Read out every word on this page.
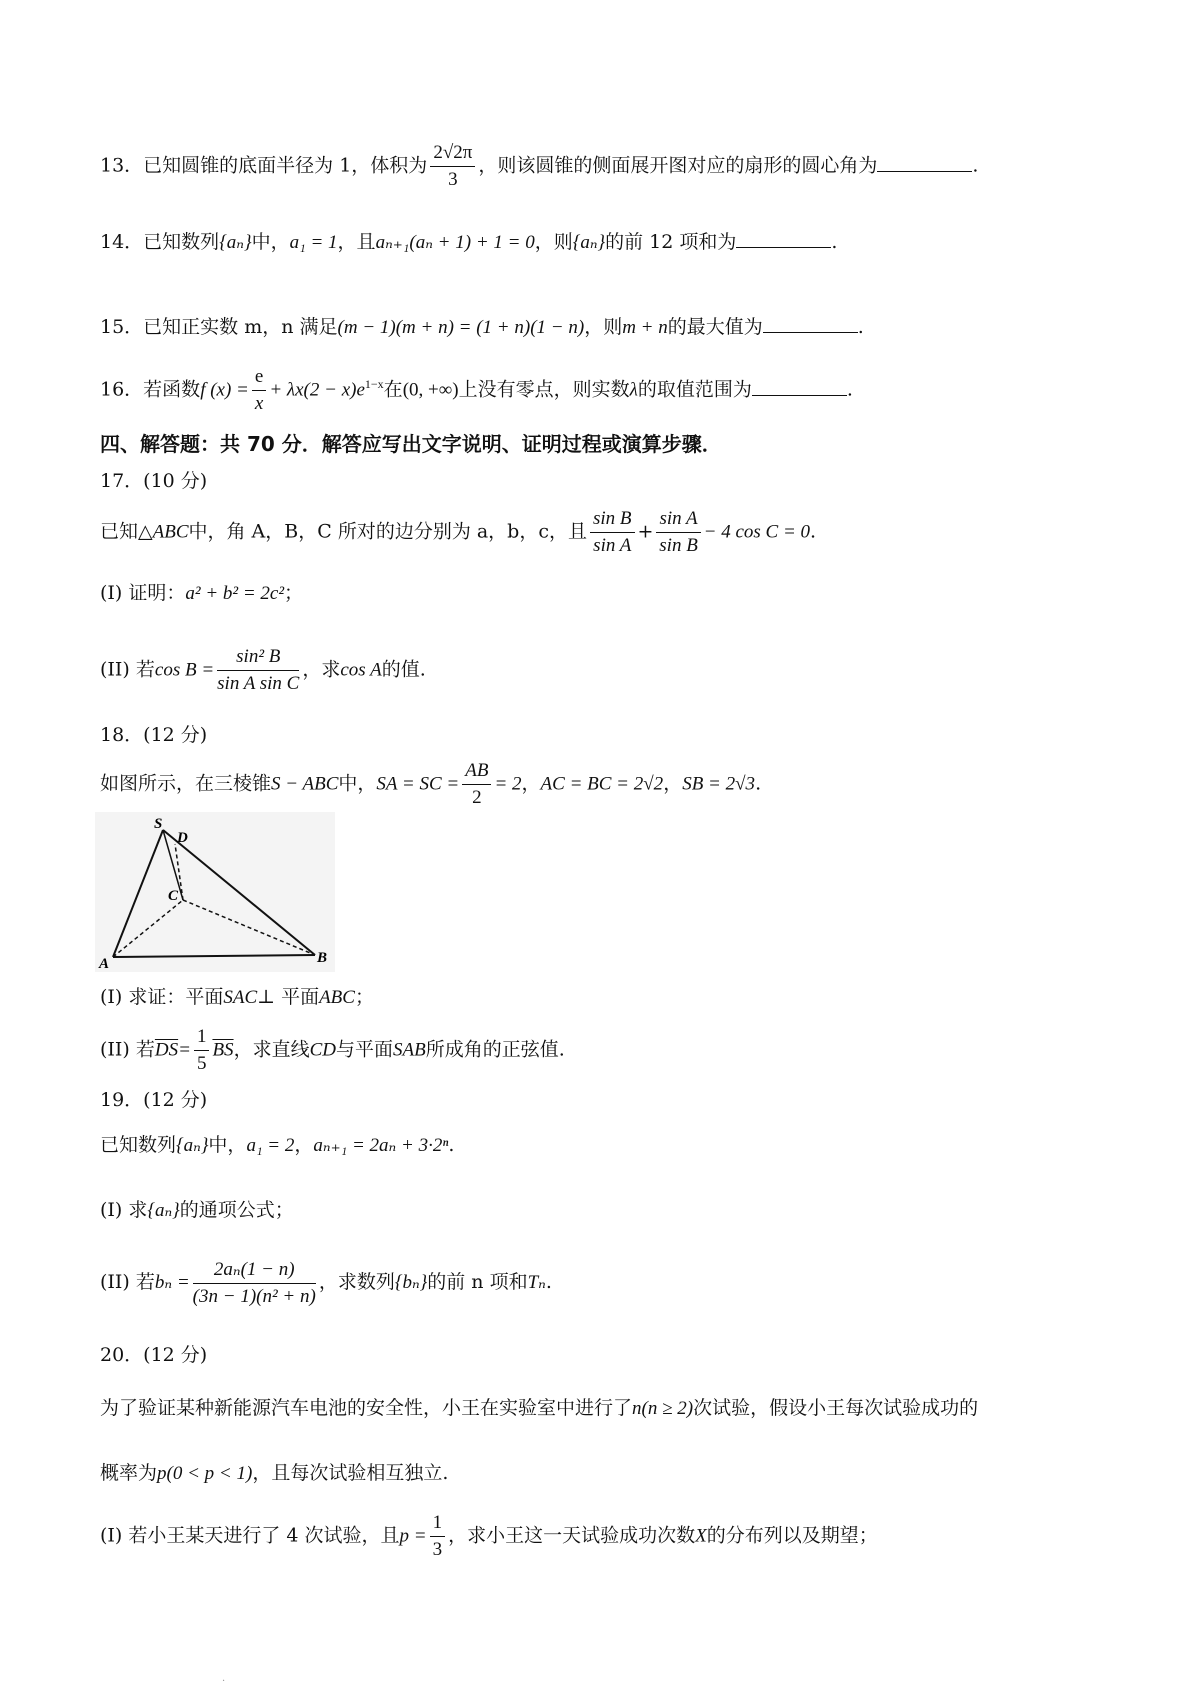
13．已知圆锥的底面半径为 1，体积为 $\frac{2√2\pi}{3}$ ，则该圆锥的侧面展开图对应的扇形的圆心角为	.
14．已知数列{aₙ}中，a₁ = 1，且aₙ₊₁(aₙ + 1) + 1 = 0，则{aₙ}的前 12 项和为	.
15．已知正实数 m，n 满足(m − 1)(m + n) = (1 + n)(1 − n)，则m + n的最大值为	.
16．若函数f $(x) = \frac{e}{x} + \lambda x(2 - x)e^{1-x}$在(0, +∞)上没有零点，则实数λ的取值范围为	.
四、解答题：共 70 分．解答应写出文字说明、证明过程或演算步骤．
17．(10 分)
已知△ABC中，角 A，B，C 所对的边分别为 a，b，c，且 $\frac{\text{sin B}}{\text{sin A}} + \frac{\text{sin A}}{\text{sin B}} - 4$ cos C = 0.
(I) 证明：a² + b² = 2c²；
(II) 若$\cos B = \frac{\text{sin² B}}{\text{sin A sin C}}$ ，求cos A的值.
18．(12 分)
如图所示，在三棱锥S − ABC中，SA = SC = $\frac{AB}{2} = 2$，AC = BC = 2√2，SB = 2√3.
S
D
C
A	B
(I) 求证：平面SAC⊥ 平面ABC；
(II) 若$\overline{DS}= \frac{1}{5} \overline{BS}$，求直线CD与平面SAB所成角的正弦值.
19．(12 分)
已知数列{aₙ}中，a₁ = 2，aₙ₊₁ = 2aₙ + 3·2ⁿ.
(I) 求{aₙ}的通项公式；
(II) 若$b_n = \frac{\text{2aₙ(1 − n)}}{\text{(3n − 1)(n² + n)}}$ ，求数列{bₙ}的前 n 项和Tₙ.
20．(12 分)
为了验证某种新能源汽车电池的安全性，小王在实验室中进行了n(n ≥ 2)次试验，假设小王每次试验成功的
概率为p(0 < p < 1)，且每次试验相互独立.
(I) 若小王某天进行了 4 次试验，且$p = \frac{1}{3}$ ，求小王这一天试验成功次数X的分布列以及期望；
·
